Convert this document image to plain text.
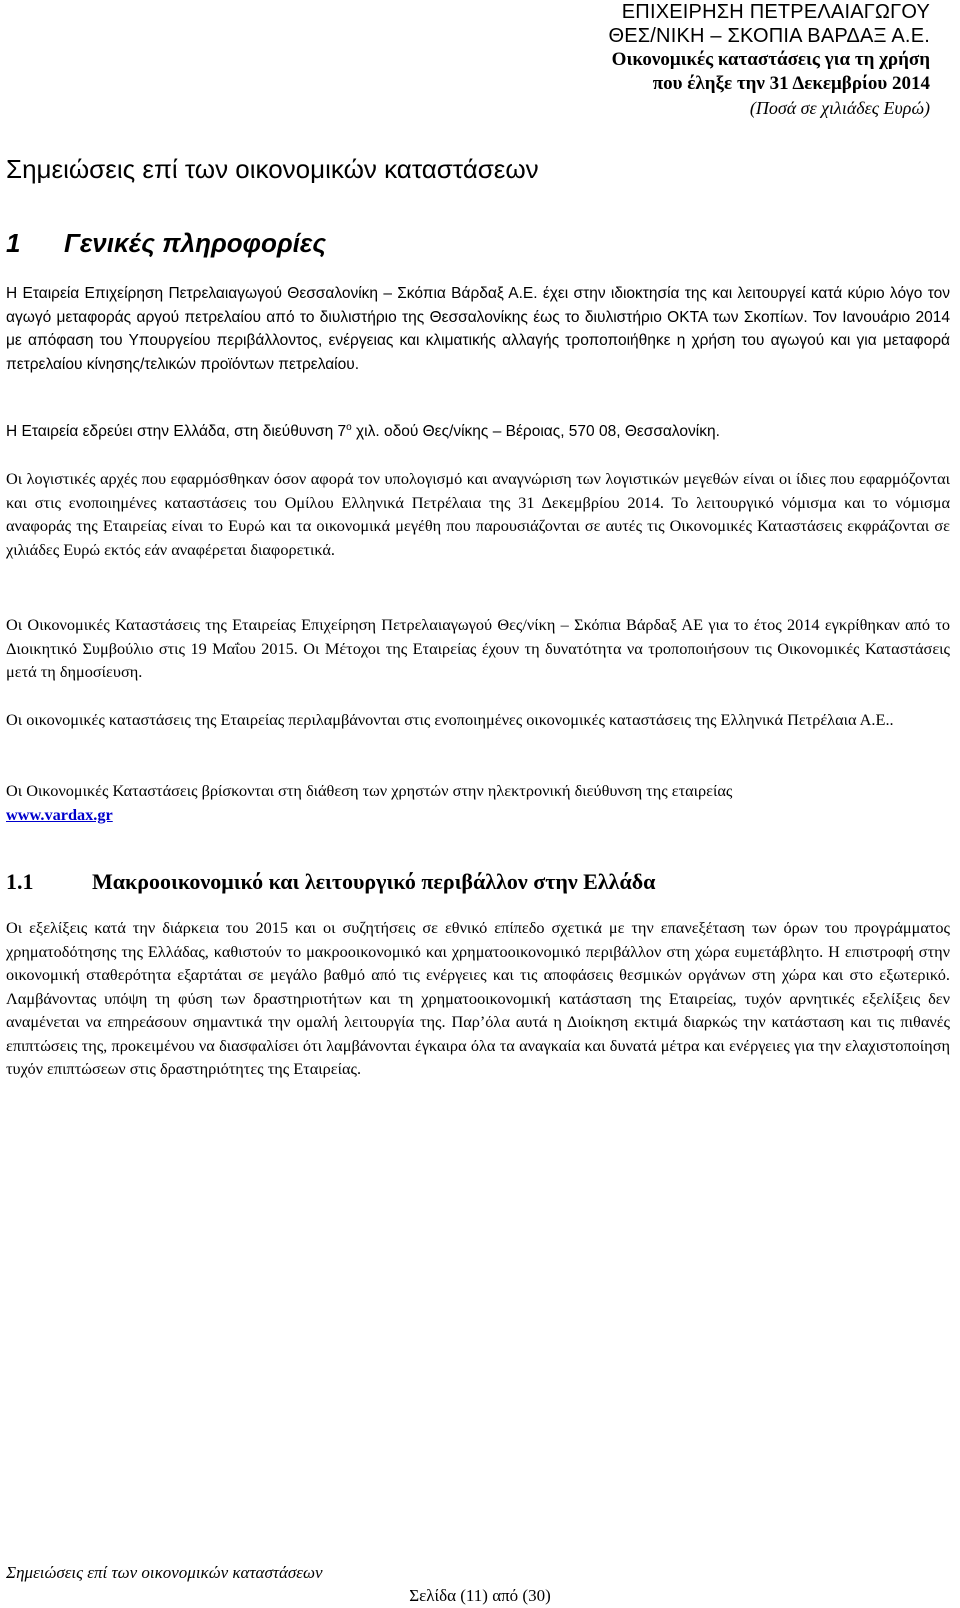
ΕΠΙΧΕΙΡΗΣΗ ΠΕΤΡΕΛΑΙΑΓΩΓΟΥ
ΘΕΣ/ΝΙΚΗ – ΣΚΟΠΙΑ ΒΑΡΔΑΞ Α.Ε.
Οικονομικές καταστάσεις για τη χρήση
που έληξε την 31 Δεκεμβρίου 2014
(Ποσά σε χιλιάδες Ευρώ)
Σημειώσεις επί των οικονομικών καταστάσεων
1 Γενικές πληροφορίες

Η Εταιρεία Επιχείρηση Πετρελαιαγωγού Θεσσαλονίκη – Σκόπια Βάρδαξ Α.Ε. έχει στην ιδιοκτησία της και λειτουργεί κατά κύριο λόγο τον αγωγό μεταφοράς αργού πετρελαίου από το διυλιστήριο της Θεσσαλονίκης έως το διυλιστήριο ΟΚΤΑ των Σκοπίων. Τον Ιανουάριο 2014 με απόφαση του Υπουργείου περιβάλλοντος, ενέργειας και κλιματικής αλλαγής τροποποιήθηκε η χρήση του αγωγού και για μεταφορά πετρελαίου κίνησης/τελικών προϊόντων πετρελαίου.

Η Εταιρεία εδρεύει στην Ελλάδα, στη διεύθυνση $7^o$ χιλ. οδού Θες/νίκης – Βέροιας, 570 08, Θεσσαλονίκη.

Οι λογιστικές αρχές που εφαρμόσθηκαν όσον αφορά τον υπολογισμό και αναγνώριση των λογιστικών μεγεθών είναι οι ίδιες που εφαρμόζονται και στις ενοποιημένες καταστάσεις του Ομίλου Ελληνικά Πετρέλαια της 31 Δεκεμβρίου 2014. Το λειτουργικό νόμισμα και το νόμισμα αναφοράς της Εταιρείας είναι το Ευρώ και τα οικονομικά μεγέθη που παρουσιάζονται σε αυτές τις Οικονομικές Καταστάσεις εκφράζονται σε χιλιάδες Ευρώ εκτός εάν αναφέρεται διαφορετικά.

Οι Οικονομικές Καταστάσεις της Εταιρείας Επιχείρηση Πετρελαιαγωγού Θες/νίκη – Σκόπια Βάρδαξ ΑΕ για το έτος 2014 εγκρίθηκαν από το Διοικητικό Συμβούλιο στις 19 Μαΐου 2015. Οι Μέτοχοι της Εταιρείας έχουν τη δυνατότητα να τροποποιήσουν τις Οικονομικές Καταστάσεις μετά τη δημοσίευση.

Οι οικονομικές καταστάσεις της Εταιρείας περιλαμβάνονται στις ενοποιημένες οικονομικές καταστάσεις της Ελληνικά Πετρέλαια Α.Ε..

Οι Οικονομικές Καταστάσεις βρίσκονται στη διάθεση των χρηστών στην ηλεκτρονική διεύθυνση της εταιρείας
www.vardax.gr

1.1	Μακροοικονομικό και λειτουργικό περιβάλλον στην Ελλάδα

Οι εξελίξεις κατά την διάρκεια του 2015 και οι συζητήσεις σε εθνικό επίπεδο σχετικά με την επανεξέταση των όρων του προγράμματος χρηματοδότησης της Ελλάδας, καθιστούν το μακροοικονομικό και χρηματοοικονομικό περιβάλλον στη χώρα ευμετάβλητο. Η επιστροφή στην οικονομική σταθερότητα εξαρτάται σε μεγάλο βαθμό από τις ενέργειες και τις αποφάσεις θεσμικών οργάνων στη χώρα και στο εξωτερικό. Λαμβάνοντας υπόψη τη φύση των δραστηριοτήτων και τη χρηματοοικονομική κατάσταση της Εταιρείας, τυχόν αρνητικές εξελίξεις δεν αναμένεται να επηρεάσουν σημαντικά την ομαλή λειτουργία της. Παρ’όλα αυτά η Διοίκηση εκτιμά διαρκώς την κατάσταση και τις πιθανές επιπτώσεις της, προκειμένου να διασφαλίσει ότι λαμβάνονται έγκαιρα όλα τα αναγκαία και δυνατά μέτρα και ενέργειες για την ελαχιστοποίηση τυχόν επιπτώσεων στις δραστηριότητες της Εταιρείας.

Σημειώσεις επί των οικονομικών καταστάσεων
Σελίδα (11) από (30)
